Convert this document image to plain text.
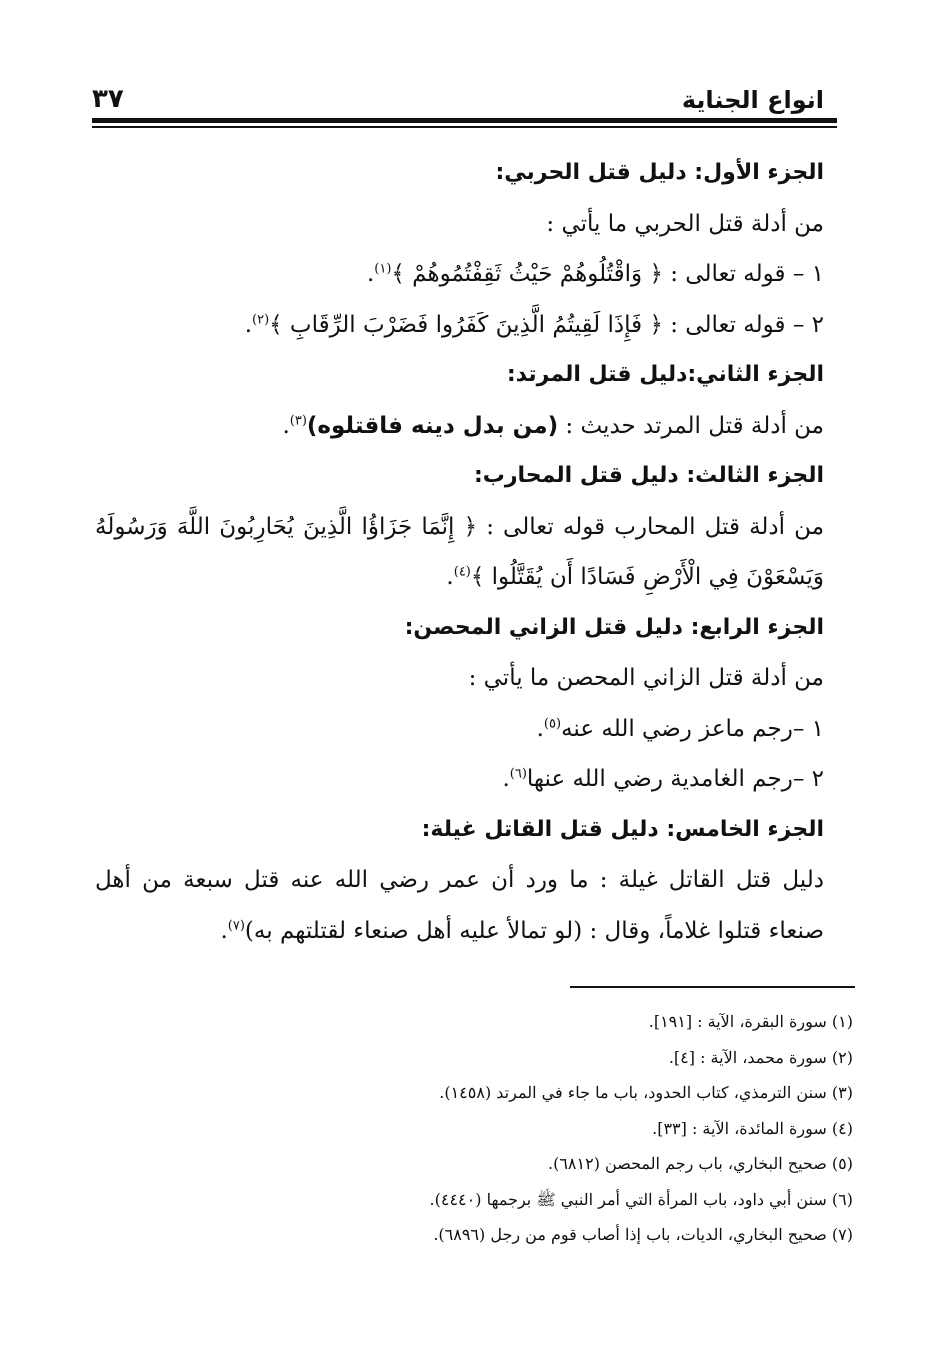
انواع الجناية
٣٧
الجزء الأول: دليل قتل الحربي:
من أدلة قتل الحربي ما يأتي :
١ – قوله تعالى : ﴿ وَاقْتُلُوهُمْ حَيْثُ ثَقِفْتُمُوهُمْ ﴾$^{(١)}$.
٢ – قوله تعالى : ﴿ فَإِذَا لَقِيتُمُ الَّذِينَ كَفَرُوا فَضَرْبَ الرِّقَابِ ﴾$^{(٢)}$.
الجزء الثاني:دليل قتل المرتد:
من أدلة قتل المرتد حديث : (من بدل دينه فاقتلوه)$^{(٣)}$.
الجزء الثالث: دليل قتل المحارب:
من أدلة قتل المحارب قوله تعالى : ﴿ إِنَّمَا جَزَاؤُا الَّذِينَ يُحَارِبُونَ اللَّهَ وَرَسُولَهُ وَيَسْعَوْنَ فِي الْأَرْضِ فَسَادًا أَن يُقَتَّلُوا ﴾$^{(٤)}$.
الجزء الرابع: دليل قتل الزاني المحصن:
من أدلة قتل الزاني المحصن ما يأتي :
١ –رجم ماعز رضي الله عنه$^{(٥)}$.
٢ –رجم الغامدية رضي الله عنها$^{(٦)}$.
الجزء الخامس: دليل قتل القاتل غيلة:
دليل قتل القاتل غيلة : ما ورد أن عمر رضي الله عنه قتل سبعة من أهل صنعاء قتلوا غلاماً، وقال : (لو تمالأ عليه أهل صنعاء لقتلتهم به)$^{(٧)}$.
(١) سورة البقرة، الآية : [١٩١].
(٢) سورة محمد، الآية : [٤].
(٣) سنن الترمذي، كتاب الحدود، باب ما جاء في المرتد (١٤٥٨).
(٤) سورة المائدة، الآية : [٣٣].
(٥) صحيح البخاري، باب رجم المحصن (٦٨١٢).
(٦) سنن أبي داود، باب المرأة التي أمر النبي ﷺ برجمها (٤٤٤٠).
(٧) صحيح البخاري، الديات، باب إذا أصاب قوم من رجل (٦٨٩٦).
